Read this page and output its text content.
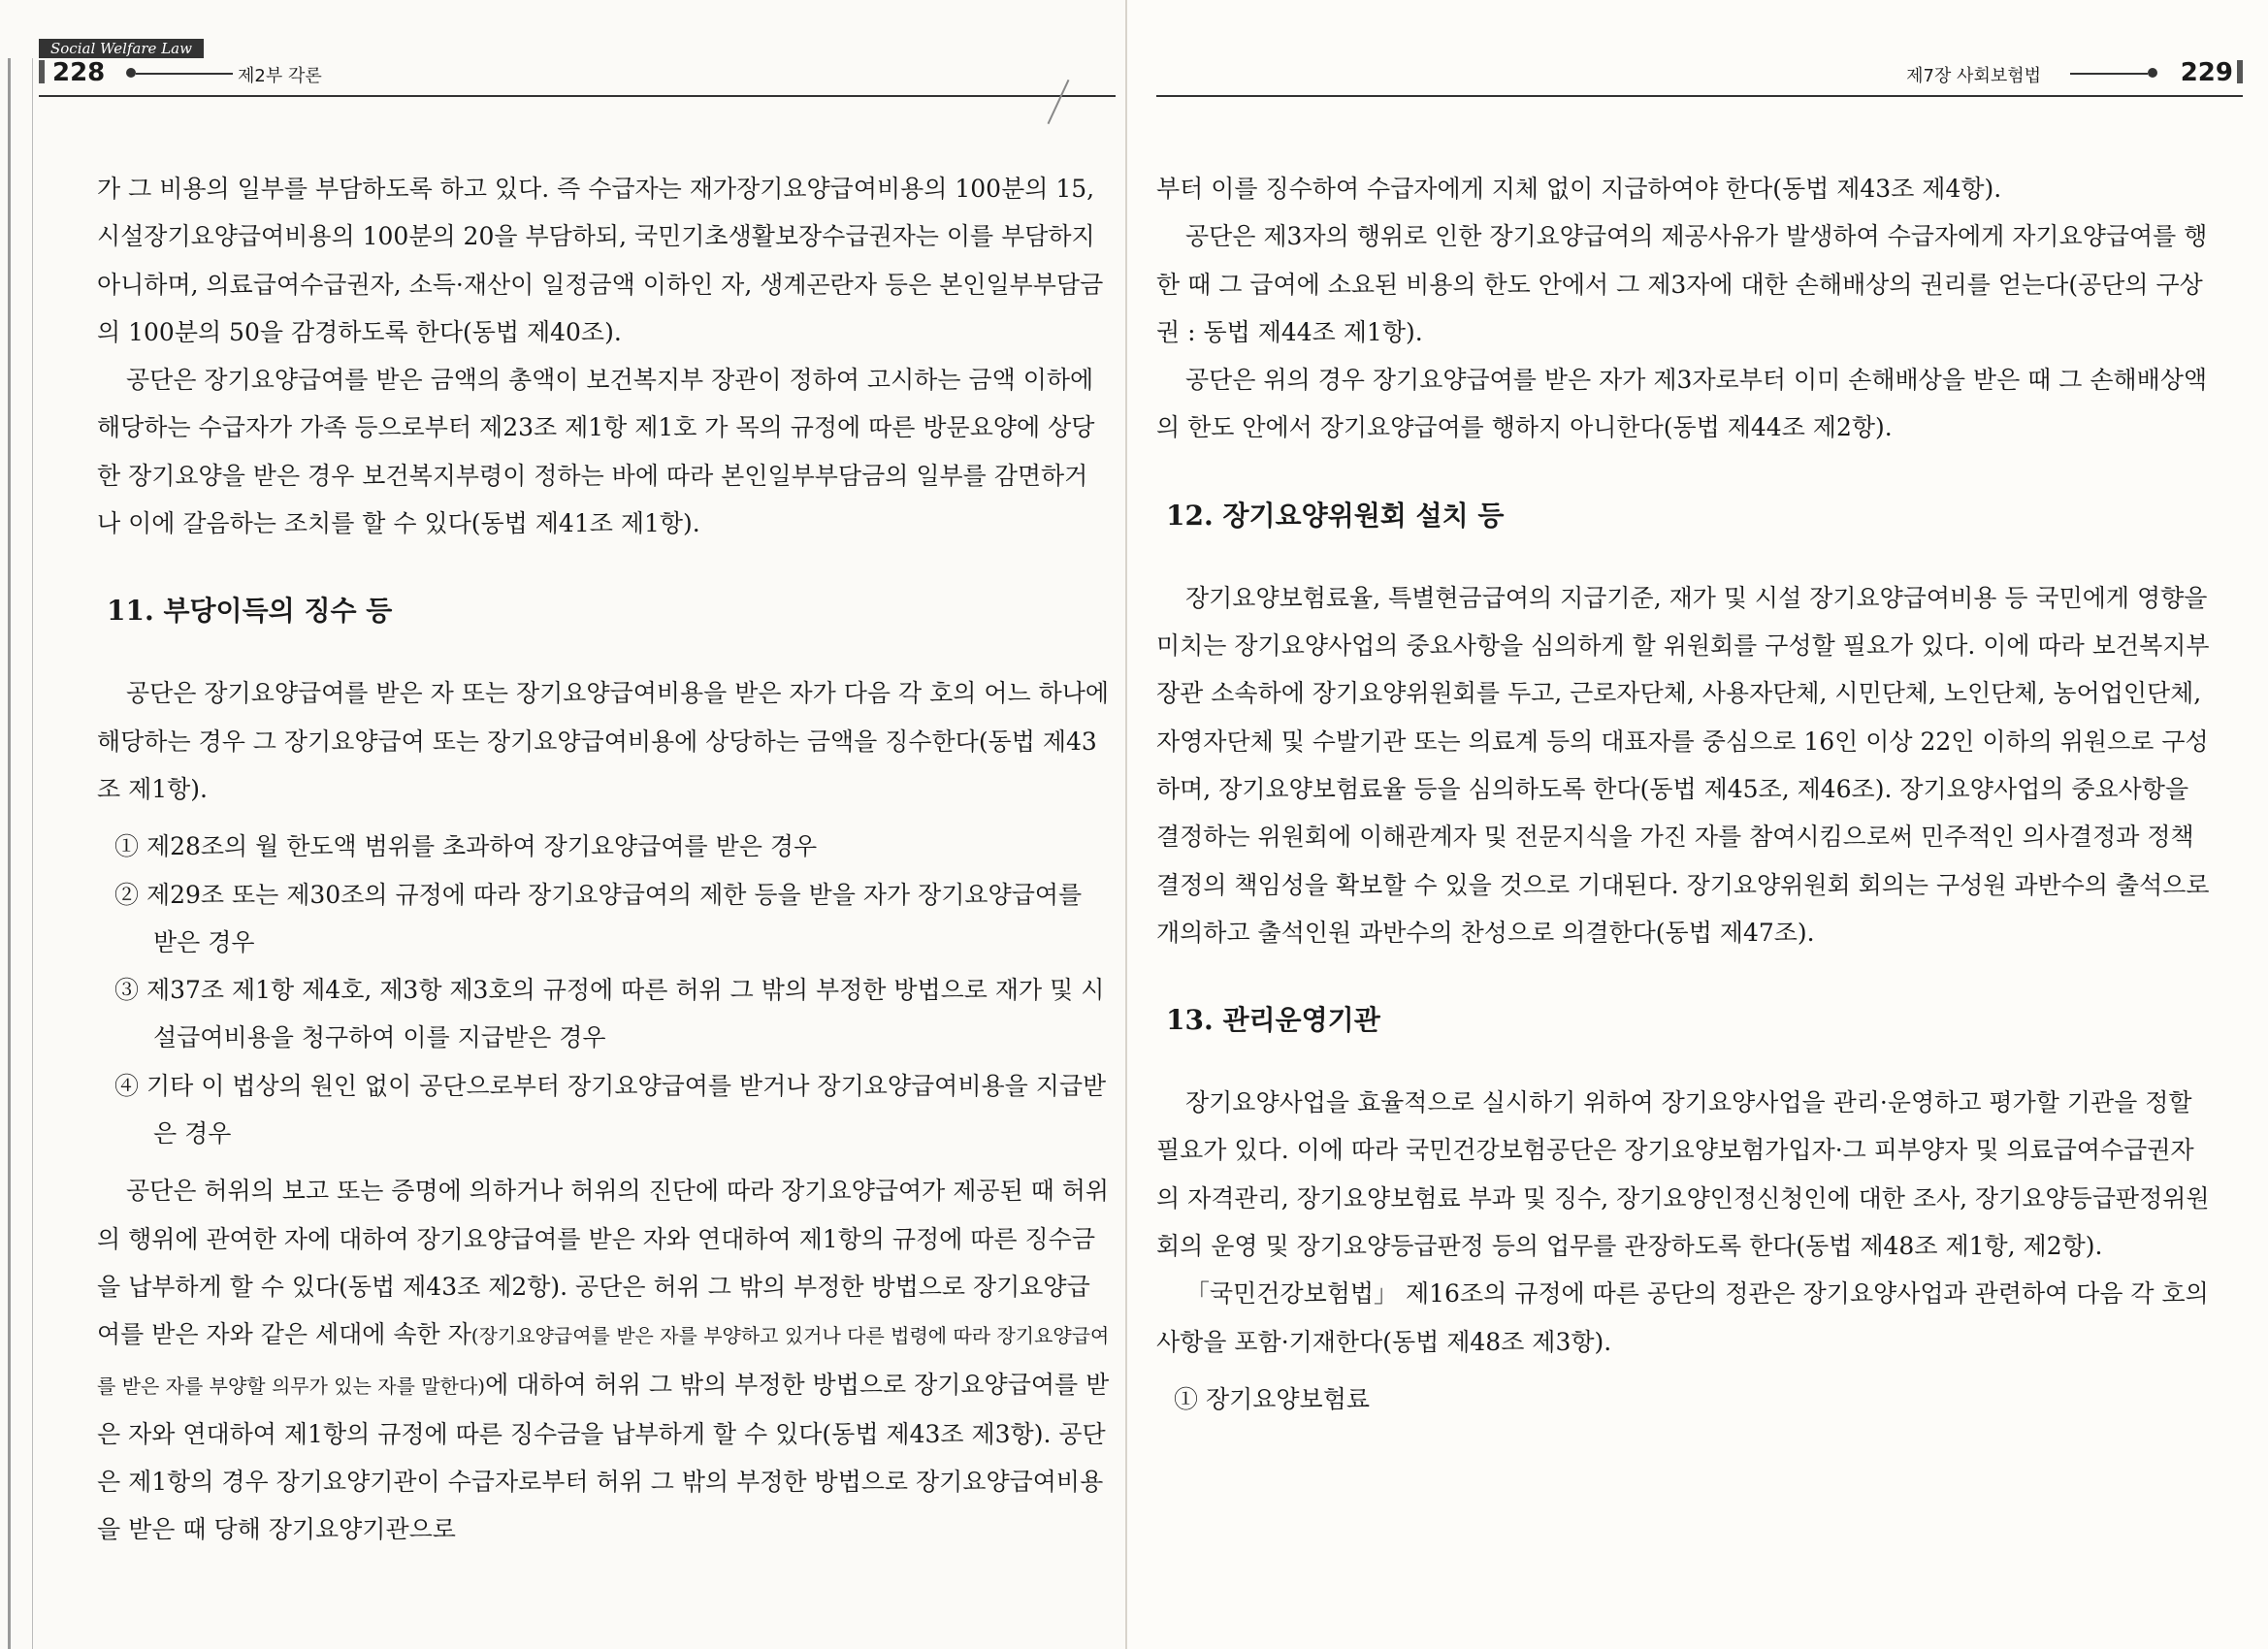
Social Welfare Law
228	제2부 각론

가 그 비용의 일부를 부담하도록 하고 있다. 즉 수급자는 재가장기요양급여비용의 100분의 15, 시설장기요양급여비용의 100분의 20을 부담하되, 국민기초생활보장수급권자는 이를 부담하지 아니하며, 의료급여수급권자, 소득·재산이 일정금액 이하인 자, 생계곤란자 등은 본인일부부담금의 100분의 50을 감경하도록 한다(동법 제40조).

공단은 장기요양급여를 받은 금액의 총액이 보건복지부 장관이 정하여 고시하는 금액 이하에 해당하는 수급자가 가족 등으로부터 제23조 제1항 제1호 가 목의 규정에 따른 방문요양에 상당한 장기요양을 받은 경우 보건복지부령이 정하는 바에 따라 본인일부부담금의 일부를 감면하거나 이에 갈음하는 조치를 할 수 있다(동법 제41조 제1항).

11. 부당이득의 징수 등

공단은 장기요양급여를 받은 자 또는 장기요양급여비용을 받은 자가 다음 각 호의 어느 하나에 해당하는 경우 그 장기요양급여 또는 장기요양급여비용에 상당하는 금액을 징수한다(동법 제43조 제1항).

① 제28조의 월 한도액 범위를 초과하여 장기요양급여를 받은 경우

② 제29조 또는 제30조의 규정에 따라 장기요양급여의 제한 등을 받을 자가 장기요양급여를 받은 경우

③ 제37조 제1항 제4호, 제3항 제3호의 규정에 따른 허위 그 밖의 부정한 방법으로 재가 및 시설급여비용을 청구하여 이를 지급받은 경우

④ 기타 이 법상의 원인 없이 공단으로부터 장기요양급여를 받거나 장기요양급여비용을 지급받은 경우

공단은 허위의 보고 또는 증명에 의하거나 허위의 진단에 따라 장기요양급여가 제공된 때 허위의 행위에 관여한 자에 대하여 장기요양급여를 받은 자와 연대하여 제1항의 규정에 따른 징수금을 납부하게 할 수 있다(동법 제43조 제2항). 공단은 허위 그 밖의 부정한 방법으로 장기요양급여를 받은 자와 같은 세대에 속한 자(장기요양급여를 받은 자를 부양하고 있거나 다른 법령에 따라 장기요양급여를 받은 자를 부양할 의무가 있는 자를 말한다)에 대하여 허위 그 밖의 부정한 방법으로 장기요양급여를 받은 자와 연대하여 제1항의 규정에 따른 징수금을 납부하게 할 수 있다(동법 제43조 제3항). 공단은 제1항의 경우 장기요양기관이 수급자로부터 허위 그 밖의 부정한 방법으로 장기요양급여비용을 받은 때 당해 장기요양기관으로

제7장 사회보험법	229

부터 이를 징수하여 수급자에게 지체 없이 지급하여야 한다(동법 제43조 제4항).

공단은 제3자의 행위로 인한 장기요양급여의 제공사유가 발생하여 수급자에게 자기요양급여를 행한 때 그 급여에 소요된 비용의 한도 안에서 그 제3자에 대한 손해배상의 권리를 얻는다(공단의 구상권 : 동법 제44조 제1항).

공단은 위의 경우 장기요양급여를 받은 자가 제3자로부터 이미 손해배상을 받은 때 그 손해배상액의 한도 안에서 장기요양급여를 행하지 아니한다(동법 제44조 제2항).

12. 장기요양위원회 설치 등

장기요양보험료율, 특별현금급여의 지급기준, 재가 및 시설 장기요양급여비용 등 국민에게 영향을 미치는 장기요양사업의 중요사항을 심의하게 할 위원회를 구성할 필요가 있다. 이에 따라 보건복지부 장관 소속하에 장기요양위원회를 두고, 근로자단체, 사용자단체, 시민단체, 노인단체, 농어업인단체, 자영자단체 및 수발기관 또는 의료계 등의 대표자를 중심으로 16인 이상 22인 이하의 위원으로 구성하며, 장기요양보험료율 등을 심의하도록 한다(동법 제45조, 제46조). 장기요양사업의 중요사항을 결정하는 위원회에 이해관계자 및 전문지식을 가진 자를 참여시킴으로써 민주적인 의사결정과 정책결정의 책임성을 확보할 수 있을 것으로 기대된다. 장기요양위원회 회의는 구성원 과반수의 출석으로 개의하고 출석인원 과반수의 찬성으로 의결한다(동법 제47조).

13. 관리운영기관

장기요양사업을 효율적으로 실시하기 위하여 장기요양사업을 관리·운영하고 평가할 기관을 정할 필요가 있다. 이에 따라 국민건강보험공단은 장기요양보험가입자·그 피부양자 및 의료급여수급권자의 자격관리, 장기요양보험료 부과 및 징수, 장기요양인정신청인에 대한 조사, 장기요양등급판정위원회의 운영 및 장기요양등급판정 등의 업무를 관장하도록 한다(동법 제48조 제1항, 제2항).

「국민건강보험법」 제16조의 규정에 따른 공단의 정관은 장기요양사업과 관련하여 다음 각 호의 사항을 포함·기재한다(동법 제48조 제3항).

① 장기요양보험료
